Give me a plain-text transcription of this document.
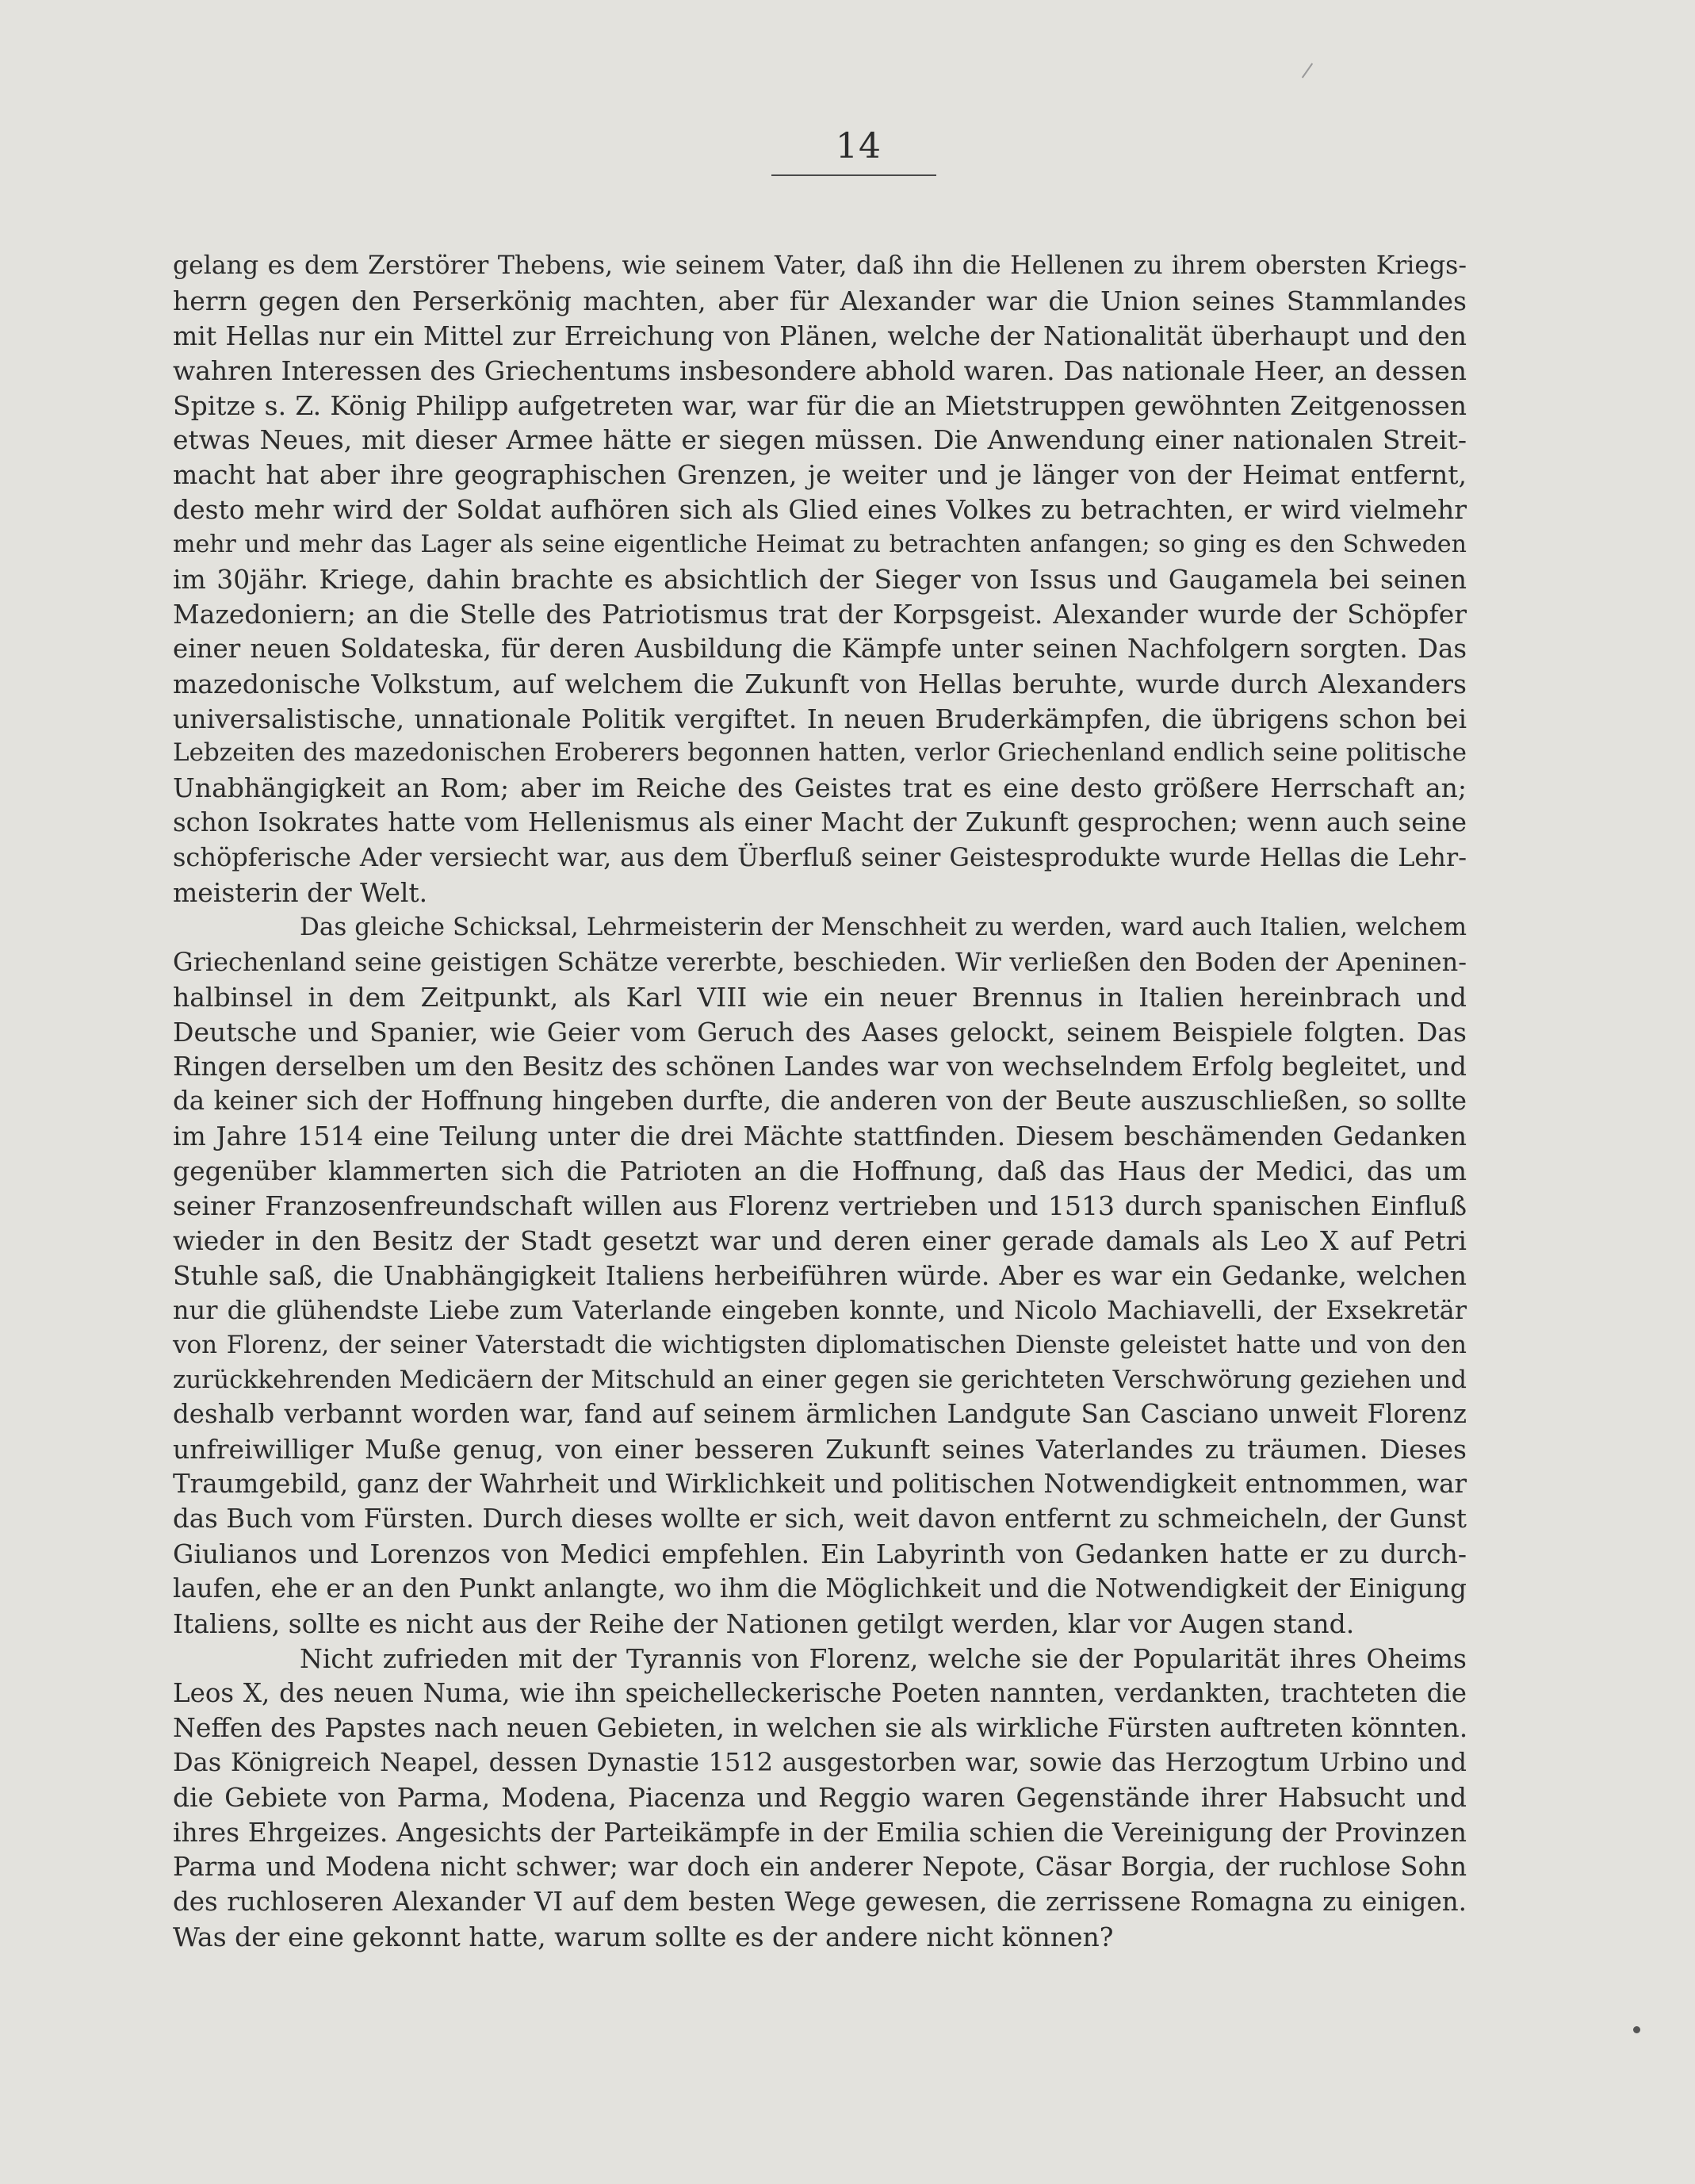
14
gelang es dem Zerstörer Thebens, wie seinem Vater, daß ihn die Hellenen zu ihrem obersten Kriegs-
herrn gegen den Perserkönig machten, aber für Alexander war die Union seines Stammlandes
mit Hellas nur ein Mittel zur Erreichung von Plänen, welche der Nationalität überhaupt und den
wahren Interessen des Griechentums insbesondere abhold waren. Das nationale Heer, an dessen
Spitze s. Z. König Philipp aufgetreten war, war für die an Mietstruppen gewöhnten Zeitgenossen
etwas Neues, mit dieser Armee hätte er siegen müssen. Die Anwendung einer nationalen Streit-
macht hat aber ihre geographischen Grenzen, je weiter und je länger von der Heimat entfernt,
desto mehr wird der Soldat aufhören sich als Glied eines Volkes zu betrachten, er wird vielmehr
mehr und mehr das Lager als seine eigentliche Heimat zu betrachten anfangen; so ging es den Schweden
im 30jähr. Kriege, dahin brachte es absichtlich der Sieger von Issus und Gaugamela bei seinen
Mazedoniern; an die Stelle des Patriotismus trat der Korpsgeist. Alexander wurde der Schöpfer
einer neuen Soldateska, für deren Ausbildung die Kämpfe unter seinen Nachfolgern sorgten. Das
mazedonische Volkstum, auf welchem die Zukunft von Hellas beruhte, wurde durch Alexanders
universalistische, unnationale Politik vergiftet. In neuen Bruderkämpfen, die übrigens schon bei
Lebzeiten des mazedonischen Eroberers begonnen hatten, verlor Griechenland endlich seine politische
Unabhängigkeit an Rom; aber im Reiche des Geistes trat es eine desto größere Herrschaft an;
schon Isokrates hatte vom Hellenismus als einer Macht der Zukunft gesprochen; wenn auch seine
schöpferische Ader versiecht war, aus dem Überfluß seiner Geistesprodukte wurde Hellas die Lehr-
meisterin der Welt.
Das gleiche Schicksal, Lehrmeisterin der Menschheit zu werden, ward auch Italien, welchem
Griechenland seine geistigen Schätze vererbte, beschieden. Wir verließen den Boden der Apeninen-
halbinsel in dem Zeitpunkt, als Karl VIII wie ein neuer Brennus in Italien hereinbrach und
Deutsche und Spanier, wie Geier vom Geruch des Aases gelockt, seinem Beispiele folgten. Das
Ringen derselben um den Besitz des schönen Landes war von wechselndem Erfolg begleitet, und
da keiner sich der Hoffnung hingeben durfte, die anderen von der Beute auszuschließen, so sollte
im Jahre 1514 eine Teilung unter die drei Mächte stattfinden. Diesem beschämenden Gedanken
gegenüber klammerten sich die Patrioten an die Hoffnung, daß das Haus der Medici, das um
seiner Franzosenfreundschaft willen aus Florenz vertrieben und 1513 durch spanischen Einfluß
wieder in den Besitz der Stadt gesetzt war und deren einer gerade damals als Leo X auf Petri
Stuhle saß, die Unabhängigkeit Italiens herbeiführen würde. Aber es war ein Gedanke, welchen
nur die glühendste Liebe zum Vaterlande eingeben konnte, und Nicolo Machiavelli, der Exsekretär
von Florenz, der seiner Vaterstadt die wichtigsten diplomatischen Dienste geleistet hatte und von den
zurückkehrenden Medicäern der Mitschuld an einer gegen sie gerichteten Verschwörung geziehen und
deshalb verbannt worden war, fand auf seinem ärmlichen Landgute San Casciano unweit Florenz
unfreiwilliger Muße genug, von einer besseren Zukunft seines Vaterlandes zu träumen. Dieses
Traumgebild, ganz der Wahrheit und Wirklichkeit und politischen Notwendigkeit entnommen, war
das Buch vom Fürsten. Durch dieses wollte er sich, weit davon entfernt zu schmeicheln, der Gunst
Giulianos und Lorenzos von Medici empfehlen. Ein Labyrinth von Gedanken hatte er zu durch-
laufen, ehe er an den Punkt anlangte, wo ihm die Möglichkeit und die Notwendigkeit der Einigung
Italiens, sollte es nicht aus der Reihe der Nationen getilgt werden, klar vor Augen stand.
Nicht zufrieden mit der Tyrannis von Florenz, welche sie der Popularität ihres Oheims
Leos X, des neuen Numa, wie ihn speichelleckerische Poeten nannten, verdankten, trachteten die
Neffen des Papstes nach neuen Gebieten, in welchen sie als wirkliche Fürsten auftreten könnten.
Das Königreich Neapel, dessen Dynastie 1512 ausgestorben war, sowie das Herzogtum Urbino und
die Gebiete von Parma, Modena, Piacenza und Reggio waren Gegenstände ihrer Habsucht und
ihres Ehrgeizes. Angesichts der Parteikämpfe in der Emilia schien die Vereinigung der Provinzen
Parma und Modena nicht schwer; war doch ein anderer Nepote, Cäsar Borgia, der ruchlose Sohn
des ruchloseren Alexander VI auf dem besten Wege gewesen, die zerrissene Romagna zu einigen.
Was der eine gekonnt hatte, warum sollte es der andere nicht können?
